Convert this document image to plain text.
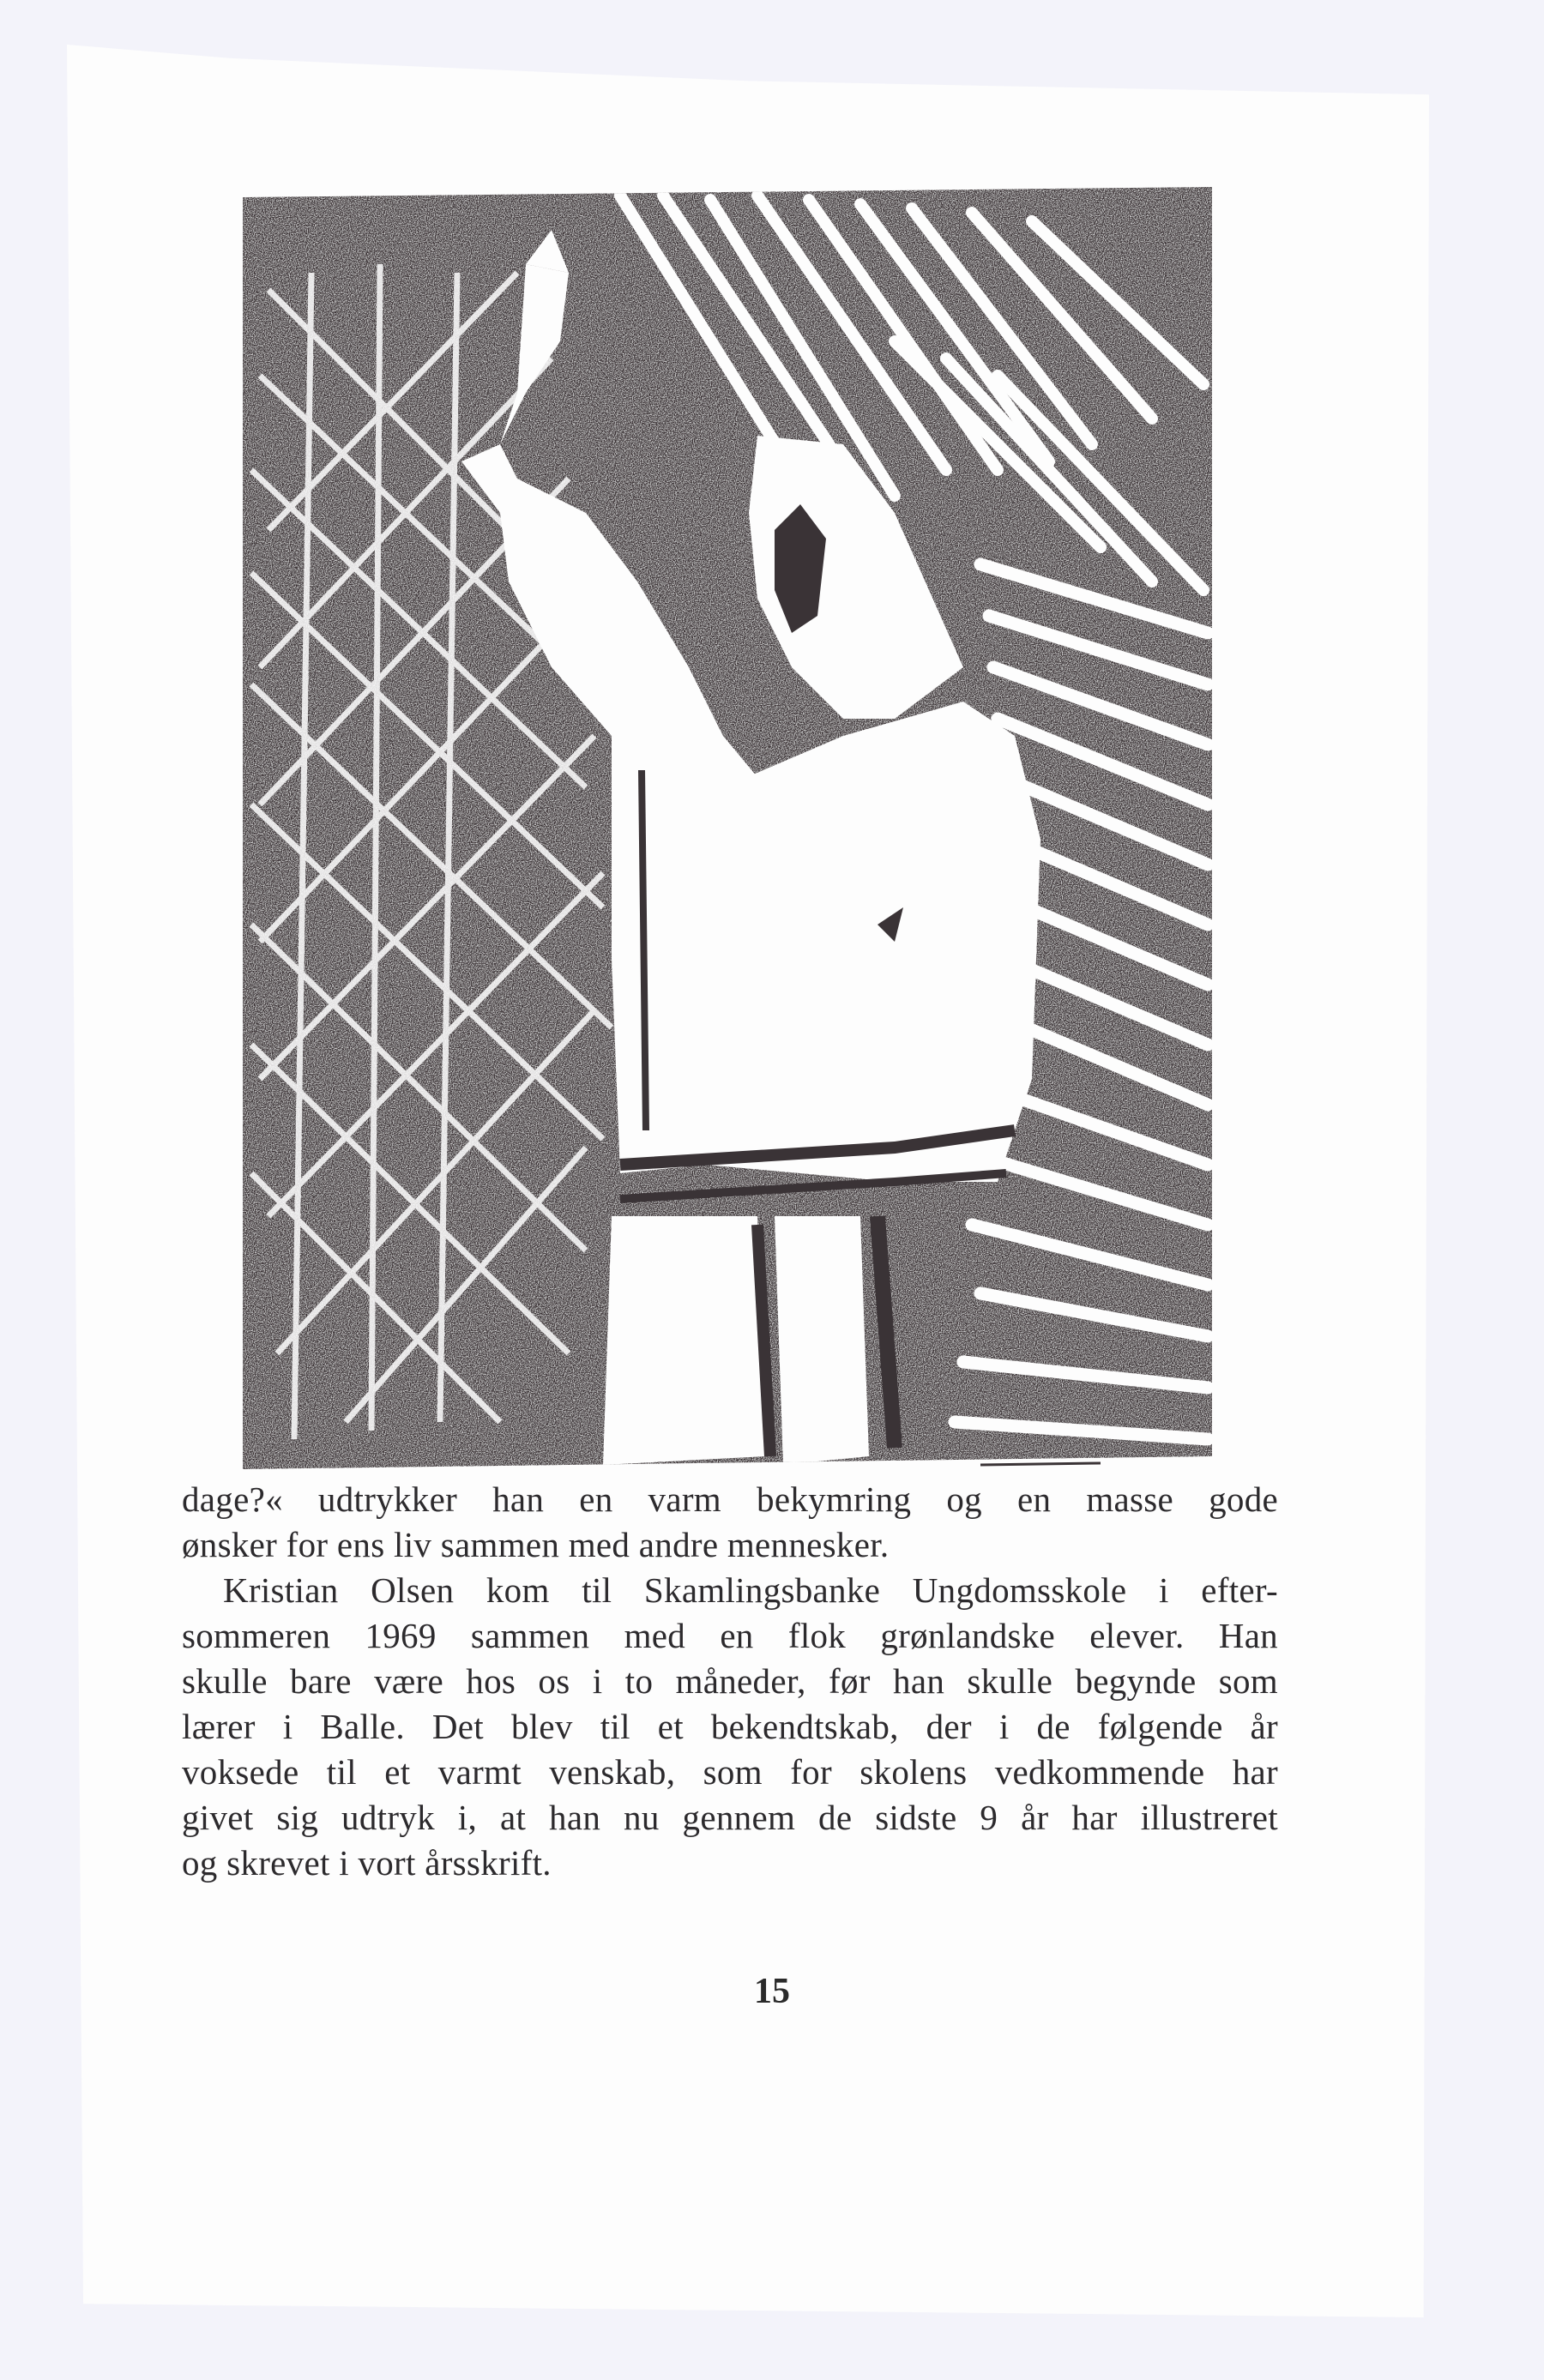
dage?« udtrykker han en varm bekymring og en masse gode

ønsker for ens liv sammen med andre mennesker.

Kristian Olsen kom til Skamlingsbanke Ungdomsskole i efter-

sommeren 1969 sammen med en flok grønlandske elever. Han

skulle bare være hos os i to måneder, før han skulle begynde som

lærer i Balle. Det blev til et bekendtskab, der i de følgende år

voksede til et varmt venskab, som for skolens vedkommende har

givet sig udtryk i, at han nu gennem de sidste 9 år har illustreret

og skrevet i vort årsskrift.

15
